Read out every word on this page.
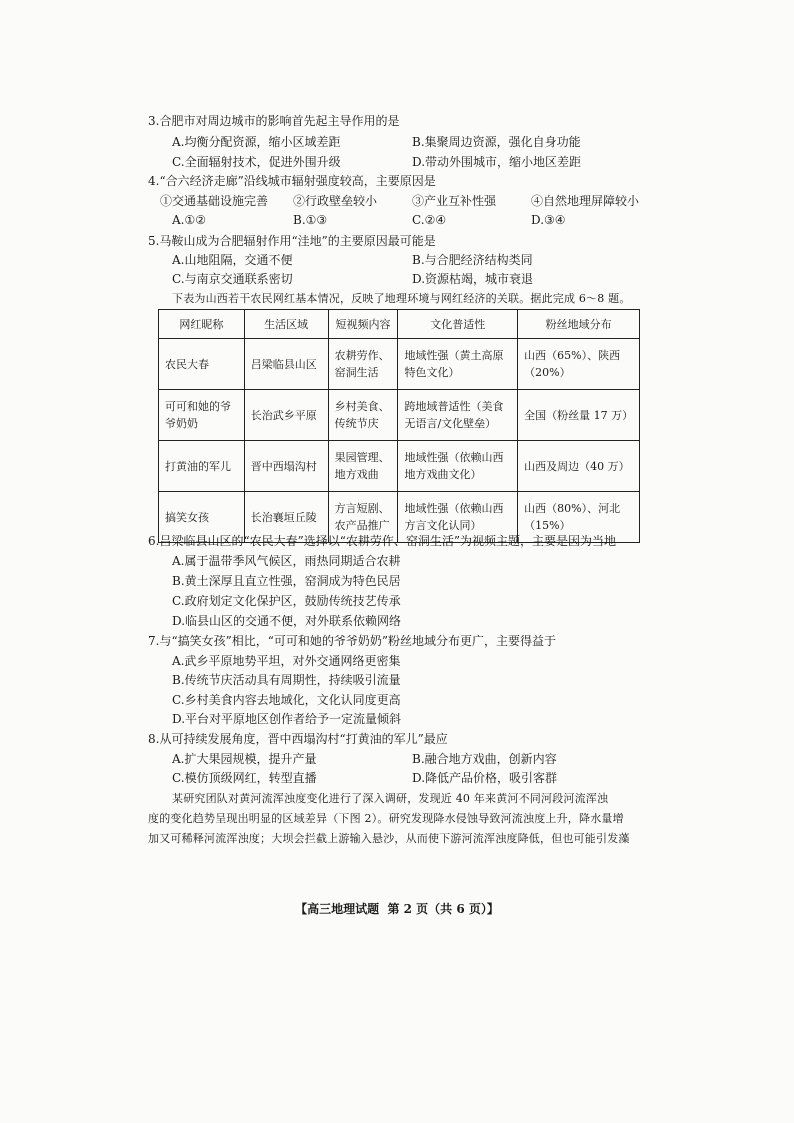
3.合肥市对周边城市的影响首先起主导作用的是
A.均衡分配资源，缩小区域差距	B.集聚周边资源，强化自身功能
C.全面辐射技术，促进外围升级	D.带动外围城市，缩小地区差距
4.“合六经济走廊”沿线城市辐射强度较高，主要原因是
①交通基础设施完善 ②行政壁垒较小	③产业互补性强	④自然地理屏障较小
A.①②	B.①③	C.②④	D.③④
5.马鞍山成为合肥辐射作用“洼地”的主要原因最可能是
A.山地阻隔，交通不便	B.与合肥经济结构类同
C.与南京交通联系密切	D.资源枯竭，城市衰退
下表为山西若干农民网红基本情况，反映了地理环境与网红经济的关联。据此完成 6～8 题。
网红昵称	生活区域	短视频内容	文化普适性	粉丝地域分布
农民大春	吕梁临县山区	农耕劳作、窑洞生活	地域性强（黄土高原特色文化）	山西（65%）、陕西（20%）
可可和她的爷爷奶奶	长治武乡平原	乡村美食、传统节庆	跨地域普适性（美食无语言/文化壁垒）	全国（粉丝量 17 万）
打黄油的军儿	晋中西塌沟村	果园管理、地方戏曲	地域性强（依赖山西地方戏曲文化）	山西及周边（40 万）
搞笑女孩	长治襄垣丘陵	方言短剧、农产品推广	地域性强（依赖山西方言文化认同）	山西（80%）、河北（15%）
6.吕梁临县山区的“农民大春”选择以“农耕劳作、窑洞生活”为视频主题，主要是因为当地
A.属于温带季风气候区，雨热同期适合农耕
B.黄土深厚且直立性强，窑洞成为特色民居
C.政府划定文化保护区，鼓励传统技艺传承
D.临县山区的交通不便，对外联系依赖网络
7.与“搞笑女孩”相比，“可可和她的爷爷奶奶”粉丝地域分布更广，主要得益于
A.武乡平原地势平坦，对外交通网络更密集
B.传统节庆活动具有周期性，持续吸引流量
C.乡村美食内容去地域化，文化认同度更高
D.平台对平原地区创作者给予一定流量倾斜
8.从可持续发展角度，晋中西塌沟村“打黄油的军儿”最应
A.扩大果园规模，提升产量	B.融合地方戏曲，创新内容
C.模仿顶级网红，转型直播	D.降低产品价格，吸引客群
某研究团队对黄河流浑浊度变化进行了深入调研，发现近 40 年来黄河不同河段河流浑浊
度的变化趋势呈现出明显的区域差异（下图 2）。研究发现降水侵蚀导致河流浊度上升，降水量增
加又可稀释河流浑浊度；大坝会拦截上游输入悬沙，从而使下游河流浑浊度降低，但也可能引发藻
【高三地理试题 第 2 页（共 6 页）】
